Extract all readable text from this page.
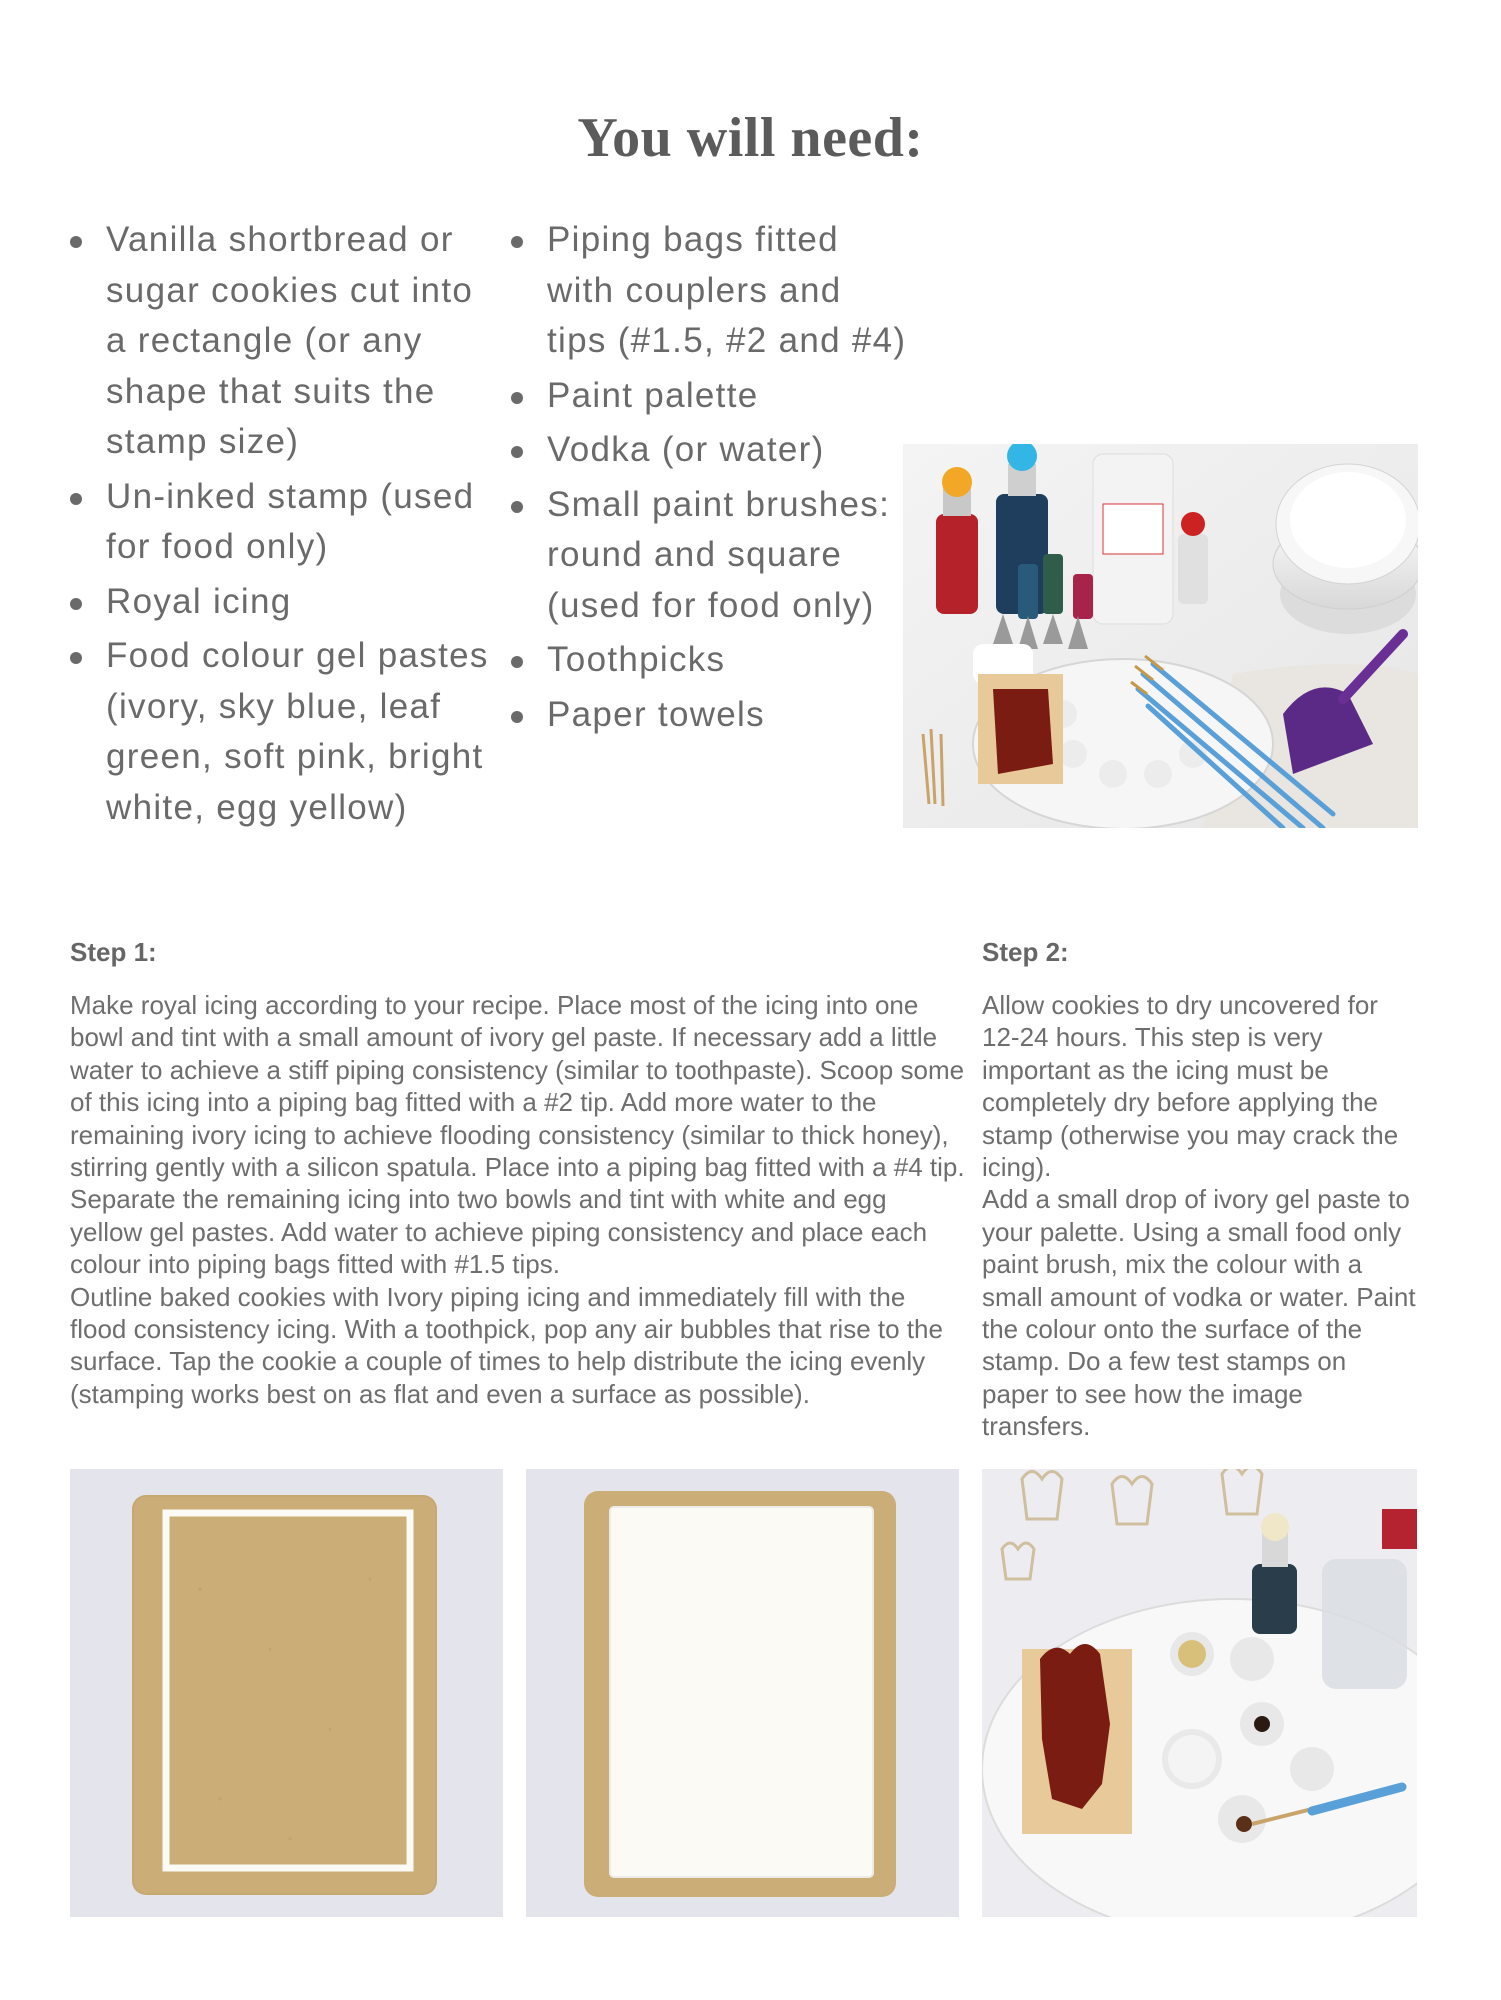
You will need:
Vanilla shortbread or sugar cookies cut into a rectangle (or any shape that suits the stamp size)
Un-inked stamp (used for food only)
Royal icing
Food colour gel pastes (ivory, sky blue, leaf green, soft pink, bright white, egg yellow)
Piping bags fitted with couplers and tips (#1.5, #2 and #4)
Paint palette
Vodka (or water)
Small paint brushes: round and square (used for food only)
Toothpicks
Paper towels
Step 1:	Step 2:

Make royal icing according to your recipe. Place most of the icing into one bowl and tint with a small amount of ivory gel paste. If necessary add a little water to achieve a stiff piping consistency (similar to toothpaste). Scoop some of this icing into a piping bag fitted with a #2 tip. Add more water to the remaining ivory icing to achieve flooding consistency (similar to thick honey), stirring gently with a silicon spatula. Place into a piping bag fitted with a #4 tip.

Separate the remaining icing into two bowls and tint with white and egg yellow gel pastes. Add water to achieve piping consistency and place each colour into piping bags fitted with #1.5 tips.

Outline baked cookies with Ivory piping icing and immediately fill with the flood consistency icing. With a toothpick, pop any air bubbles that rise to the surface. Tap the cookie a couple of times to help distribute the icing evenly (stamping works best on as flat and even a surface as possible).

Allow cookies to dry uncovered for 12-24 hours. This step is very important as the icing must be completely dry before applying the stamp (otherwise you may crack the icing).

Add a small drop of ivory gel paste to your palette. Using a small food only paint brush, mix the colour with a small amount of vodka or water. Paint the colour onto the surface of the stamp. Do a few test stamps on paper to see how the image transfers.
